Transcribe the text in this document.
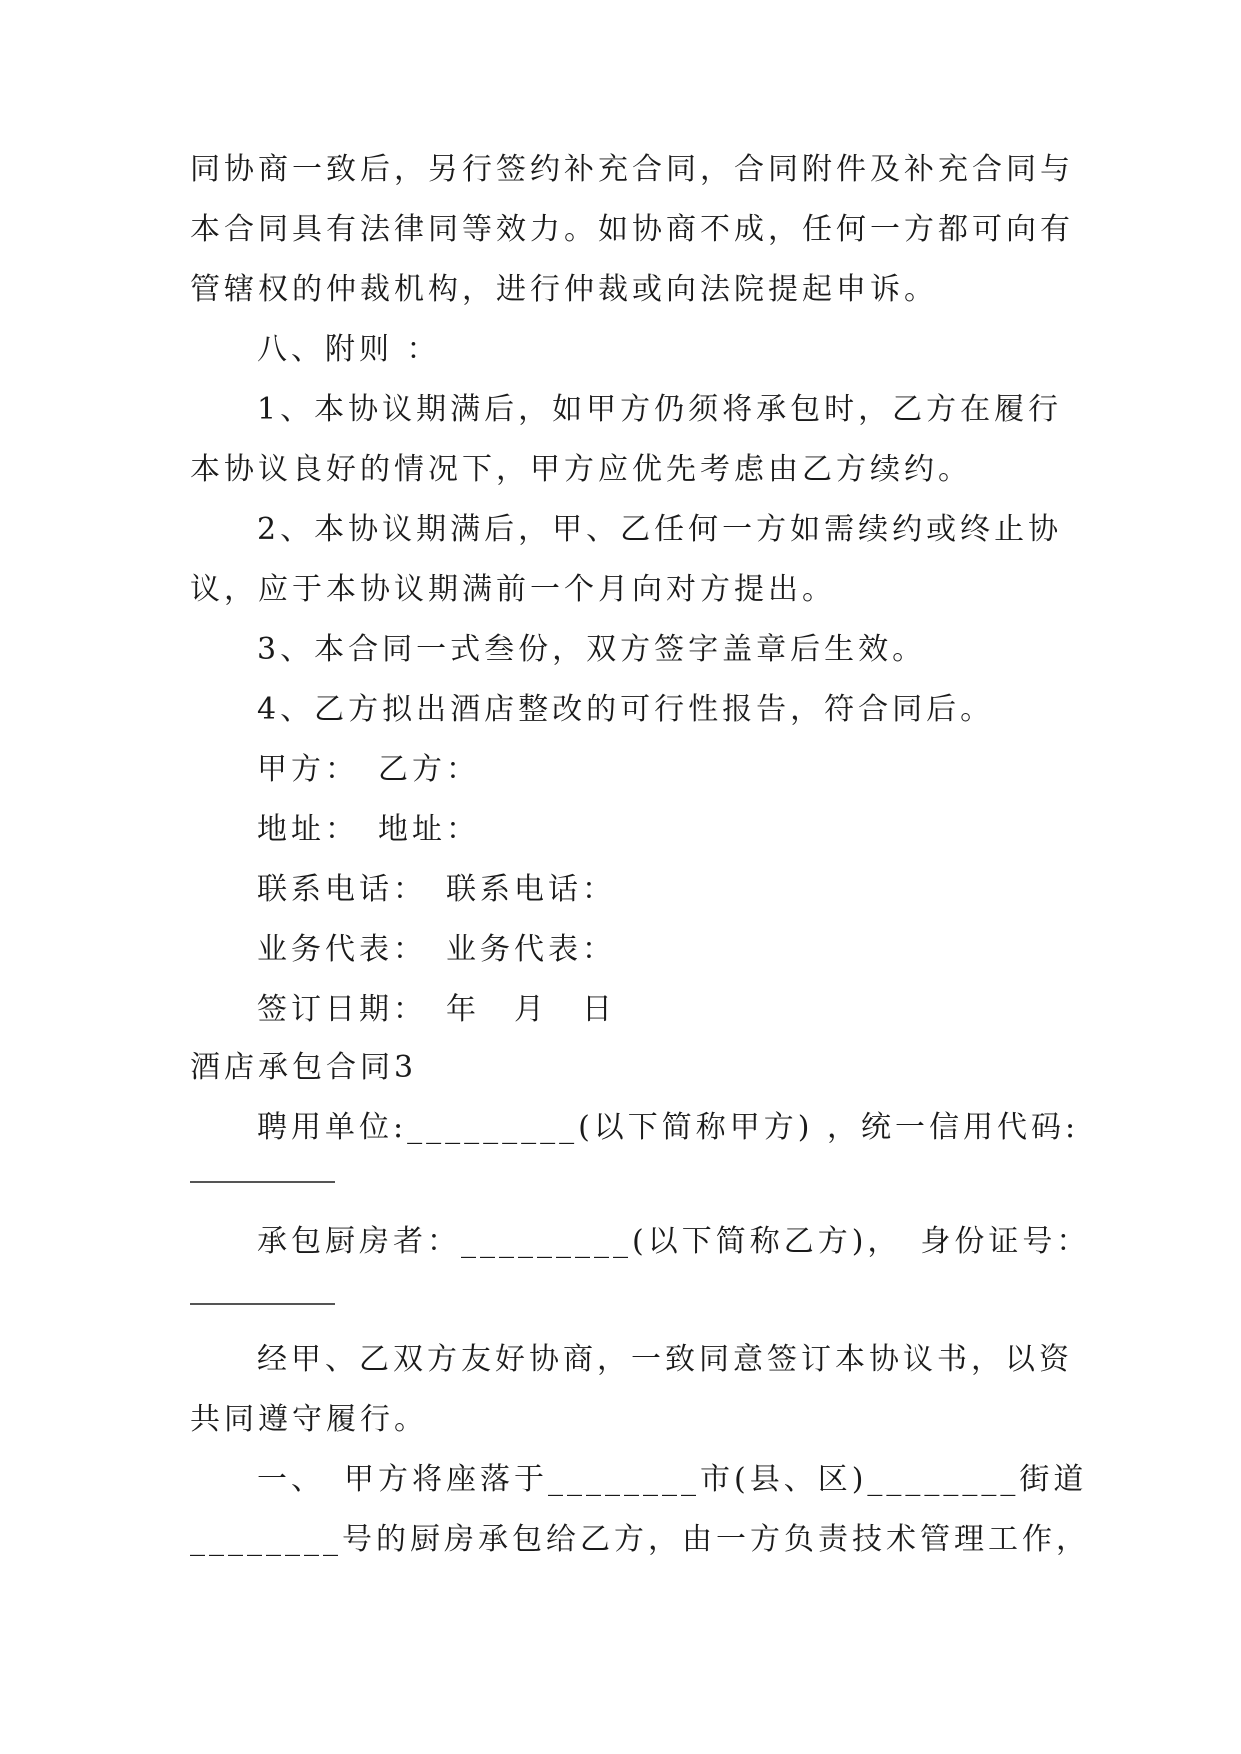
同协商一致后，另行签约补充合同，合同附件及补充合同与
本合同具有法律同等效力。如协商不成，任何一方都可向有
管辖权的仲裁机构，进行仲裁或向法院提起申诉。
八、附则 ：
1、本协议期满后，如甲方仍须将承包时，乙方在履行
本协议良好的情况下，甲方应优先考虑由乙方续约。
2、本协议期满后，甲、乙任何一方如需续约或终止协
议，应于本协议期满前一个月向对方提出。
3、本合同一式叁份，双方签字盖章后生效。
4、乙方拟出酒店整改的可行性报告，符合同后。
甲方：　乙方：
地址：　地址：
联系电话：　联系电话：
业务代表：　业务代表：
签订日期：　年　月　日
酒店承包合同3
聘用单位:_________(以下简称甲方) ，统一信用代码:
承包厨房者：_________(以下简称乙方)，　身份证号：
经甲、乙双方友好协商，一致同意签订本协议书，以资
共同遵守履行。
一、　甲方将座落于________市(县、区)________街道
________号的厨房承包给乙方，由一方负责技术管理工作，
